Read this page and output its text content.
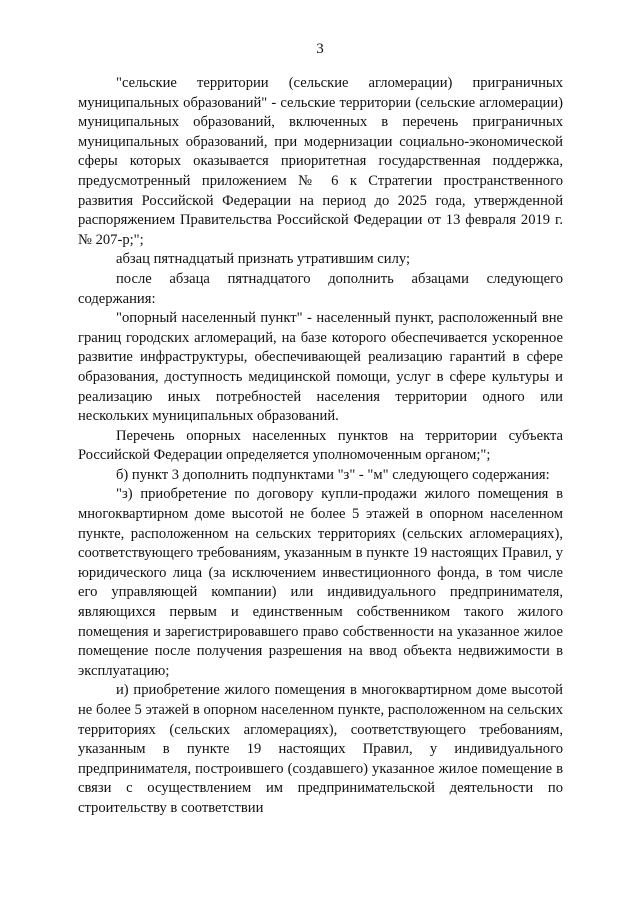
3

"сельские территории (сельские агломерации) приграничных муниципальных образований" - сельские территории (сельские агломерации) муниципальных образований, включенных в перечень приграничных муниципальных образований, при модернизации социально-экономической сферы которых оказывается приоритетная государственная поддержка, предусмотренный приложением № 6 к Стратегии пространственного развития Российской Федерации на период до 2025 года, утвержденной распоряжением Правительства Российской Федерации от 13 февраля 2019 г. № 207-р;";

абзац пятнадцатый признать утратившим силу;

после абзаца пятнадцатого дополнить абзацами следующего содержания:

"опорный населенный пункт" - населенный пункт, расположенный вне границ городских агломераций, на базе которого обеспечивается ускоренное развитие инфраструктуры, обеспечивающей реализацию гарантий в сфере образования, доступность медицинской помощи, услуг в сфере культуры и реализацию иных потребностей населения территории одного или нескольких муниципальных образований.

Перечень опорных населенных пунктов на территории субъекта Российской Федерации определяется уполномоченным органом;";

б) пункт 3 дополнить подпунктами "з" - "м" следующего содержания:

"з) приобретение по договору купли-продажи жилого помещения в многоквартирном доме высотой не более 5 этажей в опорном населенном пункте, расположенном на сельских территориях (сельских агломерациях), соответствующего требованиям, указанным в пункте 19 настоящих Правил, у юридического лица (за исключением инвестиционного фонда, в том числе его управляющей компании) или индивидуального предпринимателя, являющихся первым и единственным собственником такого жилого помещения и зарегистрировавшего право собственности на указанное жилое помещение после получения разрешения на ввод объекта недвижимости в эксплуатацию;

и) приобретение жилого помещения в многоквартирном доме высотой не более 5 этажей в опорном населенном пункте, расположенном на сельских территориях (сельских агломерациях), соответствующего требованиям, указанным в пункте 19 настоящих Правил, у индивидуального предпринимателя, построившего (создавшего) указанное жилое помещение в связи с осуществлением им предпринимательской деятельности по строительству в соответствии
